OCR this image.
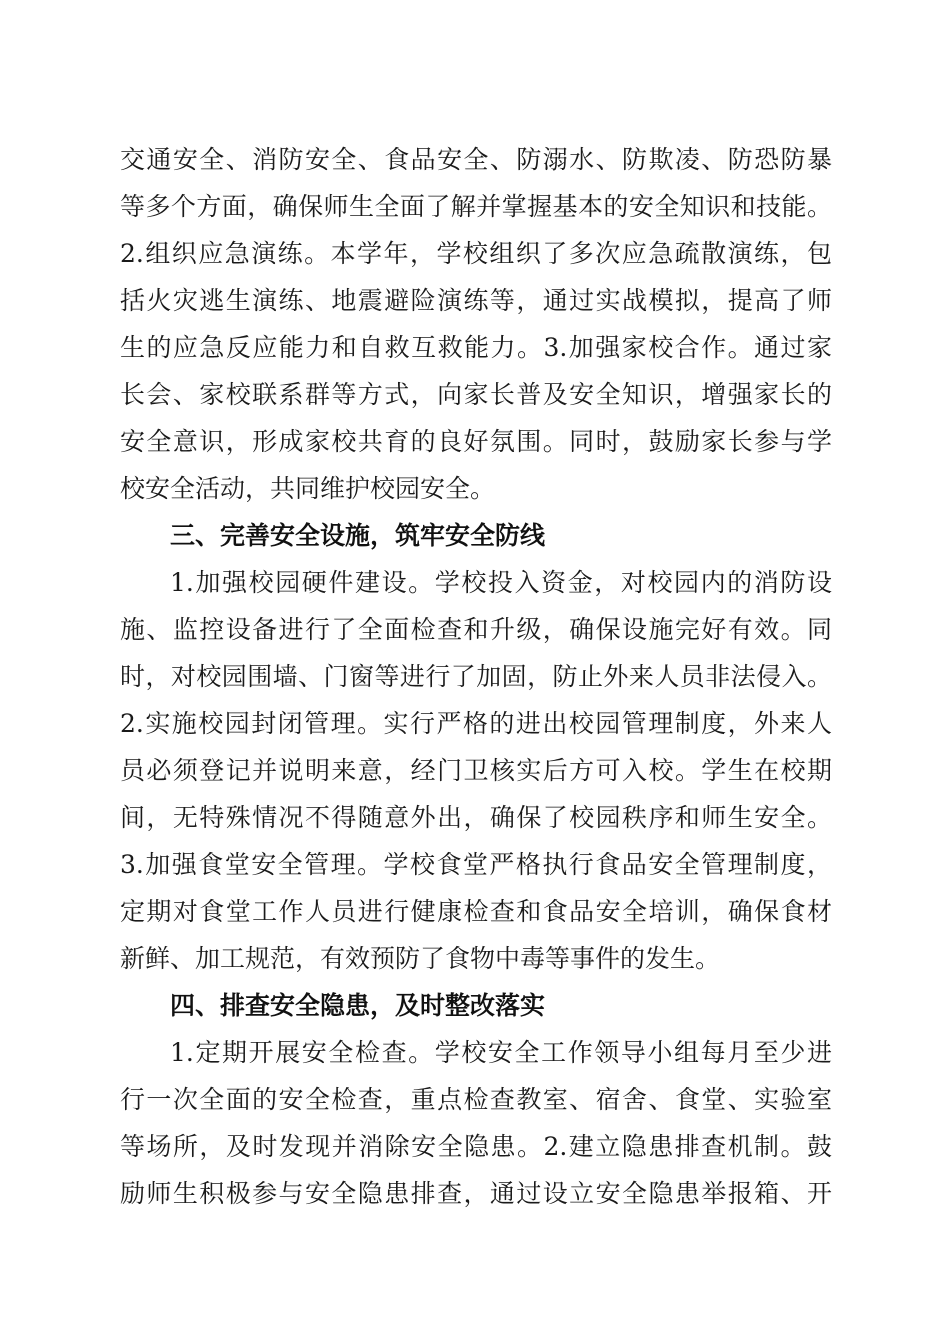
交通安全、消防安全、食品安全、防溺水、防欺凌、防恐防暴
等多个方面，确保师生全面了解并掌握基本的安全知识和技能。
2.组织应急演练。本学年，学校组织了多次应急疏散演练，包
括火灾逃生演练、地震避险演练等，通过实战模拟，提高了师
生的应急反应能力和自救互救能力。3.加强家校合作。通过家
长会、家校联系群等方式，向家长普及安全知识，增强家长的
安全意识，形成家校共育的良好氛围。同时，鼓励家长参与学
校安全活动，共同维护校园安全。
三、完善安全设施，筑牢安全防线
1.加强校园硬件建设。学校投入资金，对校园内的消防设
施、监控设备进行了全面检查和升级，确保设施完好有效。同
时，对校园围墙、门窗等进行了加固，防止外来人员非法侵入。
2.实施校园封闭管理。实行严格的进出校园管理制度，外来人
员必须登记并说明来意，经门卫核实后方可入校。学生在校期
间，无特殊情况不得随意外出，确保了校园秩序和师生安全。
3.加强食堂安全管理。学校食堂严格执行食品安全管理制度，
定期对食堂工作人员进行健康检查和食品安全培训，确保食材
新鲜、加工规范，有效预防了食物中毒等事件的发生。
四、排查安全隐患，及时整改落实
1.定期开展安全检查。学校安全工作领导小组每月至少进
行一次全面的安全检查，重点检查教室、宿舍、食堂、实验室
等场所，及时发现并消除安全隐患。2.建立隐患排查机制。鼓
励师生积极参与安全隐患排查，通过设立安全隐患举报箱、开
